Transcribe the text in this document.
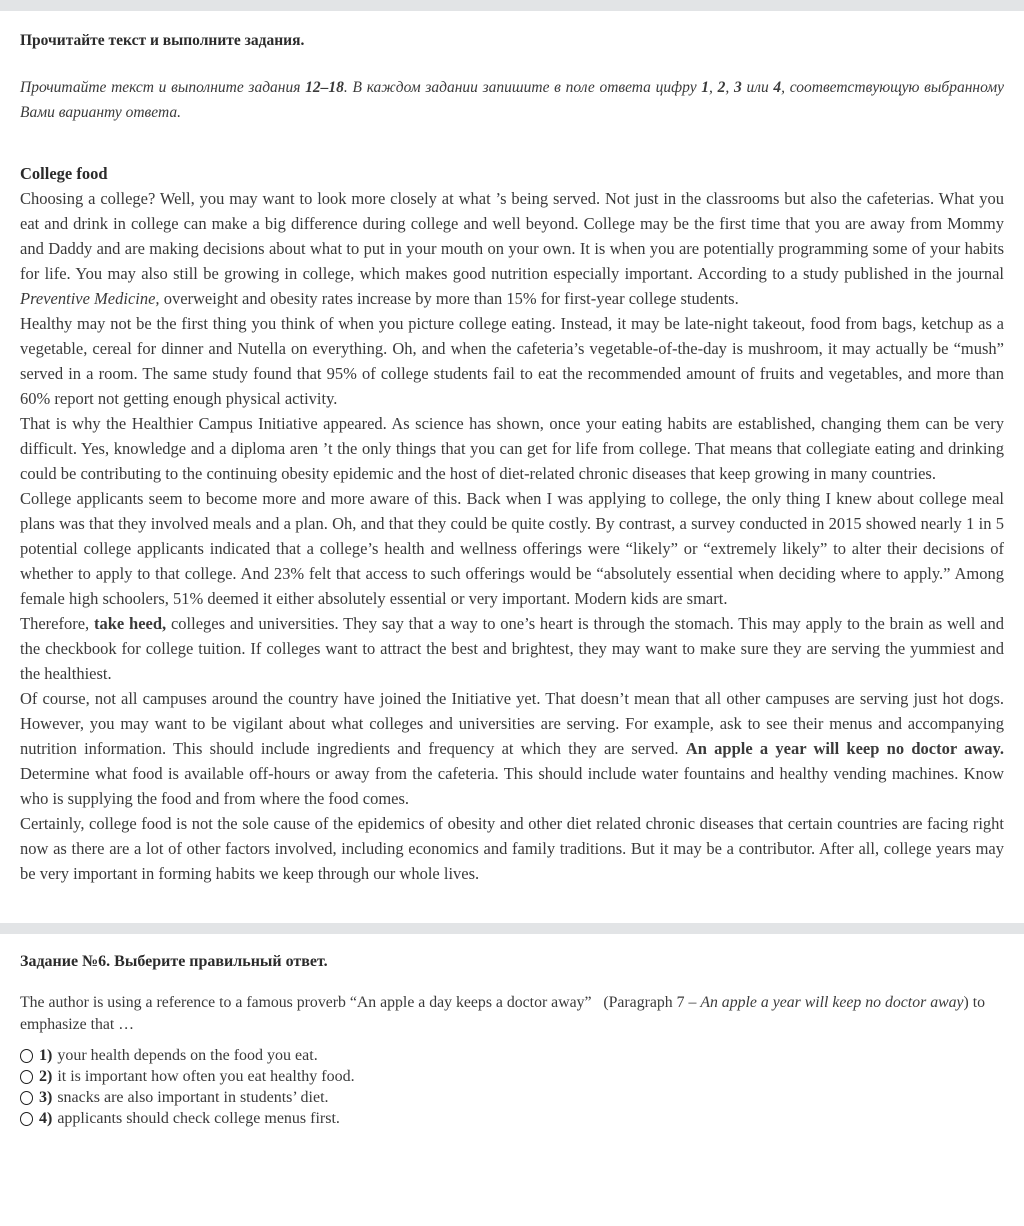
Прочитайте текст и выполните задания.

Прочитайте текст и выполните задания 12–18. В каждом задании запишите в поле ответа цифру 1, 2, 3 или 4, соответствующую выбранному Вами варианту ответа.

College food

Choosing a college? Well, you may want to look more closely at what ’s being served. Not just in the classrooms but also the cafeterias. What you eat and drink in college can make a big difference during college and well beyond. College may be the first time that you are away from Mommy and Daddy and are making decisions about what to put in your mouth on your own. It is when you are potentially programming some of your habits for life. You may also still be growing in college, which makes good nutrition especially important. According to a study published in the journal Preventive Medicine, overweight and obesity rates increase by more than 15% for first-year college students.

Healthy may not be the first thing you think of when you picture college eating. Instead, it may be late-night takeout, food from bags, ketchup as a vegetable, cereal for dinner and Nutella on everything. Oh, and when the cafeteria’s vegetable-of-the-day is mushroom, it may actually be “mush” served in a room. The same study found that 95% of college students fail to eat the recommended amount of fruits and vegetables, and more than 60% report not getting enough physical activity.

That is why the Healthier Campus Initiative appeared. As science has shown, once your eating habits are established, changing them can be very difficult. Yes, knowledge and a diploma aren ’t the only things that you can get for life from college. That means that collegiate eating and drinking could be contributing to the continuing obesity epidemic and the host of diet-related chronic diseases that keep growing in many countries.

College applicants seem to become more and more aware of this. Back when I was applying to college, the only thing I knew about college meal plans was that they involved meals and a plan. Oh, and that they could be quite costly. By contrast, a survey conducted in 2015 showed nearly 1 in 5 potential college applicants indicated that a college’s health and wellness offerings were “likely” or “extremely likely” to alter their decisions of whether to apply to that college. And 23% felt that access to such offerings would be “absolutely essential when deciding where to apply.” Among female high schoolers, 51% deemed it either absolutely essential or very important. Modern kids are smart.

Therefore, take heed, colleges and universities. They say that a way to one’s heart is through the stomach. This may apply to the brain as well and the checkbook for college tuition. If colleges want to attract the best and brightest, they may want to make sure they are serving the yummiest and the healthiest.

Of course, not all campuses around the country have joined the Initiative yet. That doesn’t mean that all other campuses are serving just hot dogs. However, you may want to be vigilant about what colleges and universities are serving. For example, ask to see their menus and accompanying nutrition information. This should include ingredients and frequency at which they are served. An apple a year will keep no doctor away. Determine what food is available off-hours or away from the cafeteria. This should include water fountains and healthy vending machines. Know who is supplying the food and from where the food comes.

Certainly, college food is not the sole cause of the epidemics of obesity and other diet related chronic diseases that certain countries are facing right now as there are a lot of other factors involved, including economics and family traditions. But it may be a contributor. After all, college years may be very important in forming habits we keep through our whole lives.

Задание №6. Выберите правильный ответ.

The author is using a reference to a famous proverb “An apple a day keeps a doctor away”   (Paragraph 7 – An apple a year will keep no doctor away) to emphasize that …

1) your health depends on the food you eat.
2) it is important how often you eat healthy food.
3) snacks are also important in students’ diet.
4) applicants should check college menus first.
